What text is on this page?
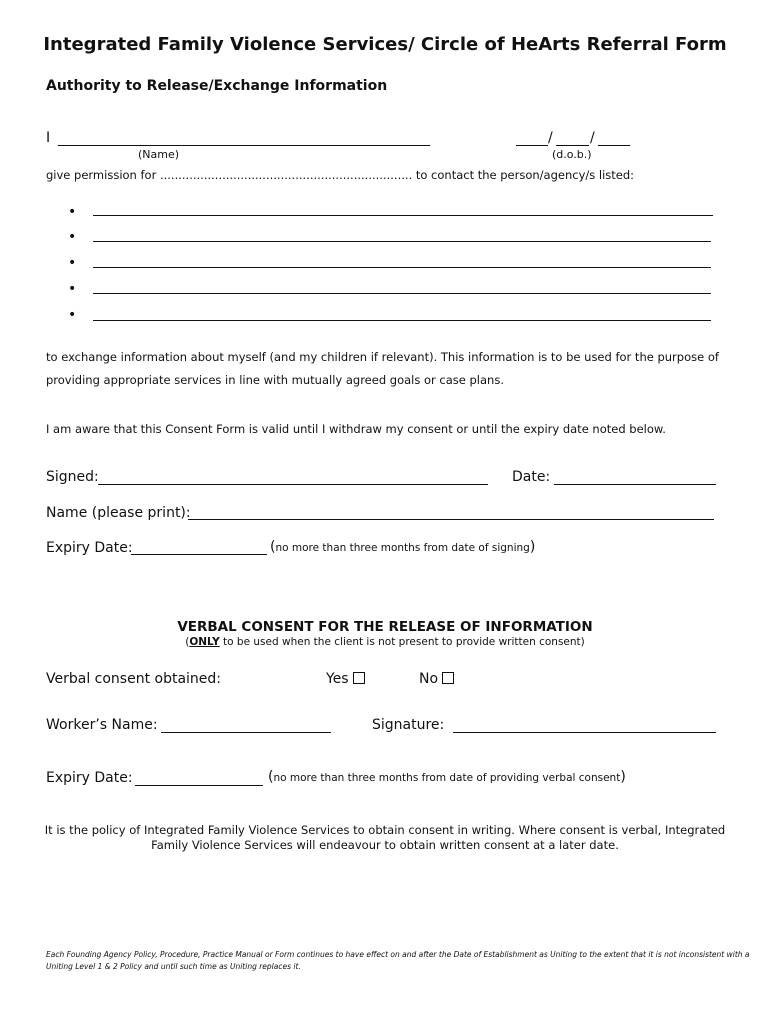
Integrated Family Violence Services/ Circle of HeArts Referral Form
Authority to Release/Exchange Information
I
(Name)
/	/
(d.o.b.)
give permission for ..................................................................... to contact the person/agency/s listed:
•
•
•
•
•
to exchange information about myself (and my children if relevant). This information is to be used for the purpose of
providing appropriate services in line with mutually agreed goals or case plans.
I am aware that this Consent Form is valid until I withdraw my consent or until the expiry date noted below.
Signed:	Date:
Name (please print):
Expiry Date:	(no more than three months from date of signing)
VERBAL CONSENT FOR THE RELEASE OF INFORMATION
(ONLY to be used when the client is not present to provide written consent)
Verbal consent obtained:	Yes	No
Worker’s Name:	Signature:
Expiry Date:	(no more than three months from date of providing verbal consent)
It is the policy of Integrated Family Violence Services to obtain consent in writing. Where consent is verbal, Integrated
Family Violence Services will endeavour to obtain written consent at a later date.
Each Founding Agency Policy, Procedure, Practice Manual or Form continues to have effect on and after the Date of Establishment as Uniting to the extent that it is not inconsistent with a
Uniting Level 1 & 2 Policy and until such time as Uniting replaces it.
